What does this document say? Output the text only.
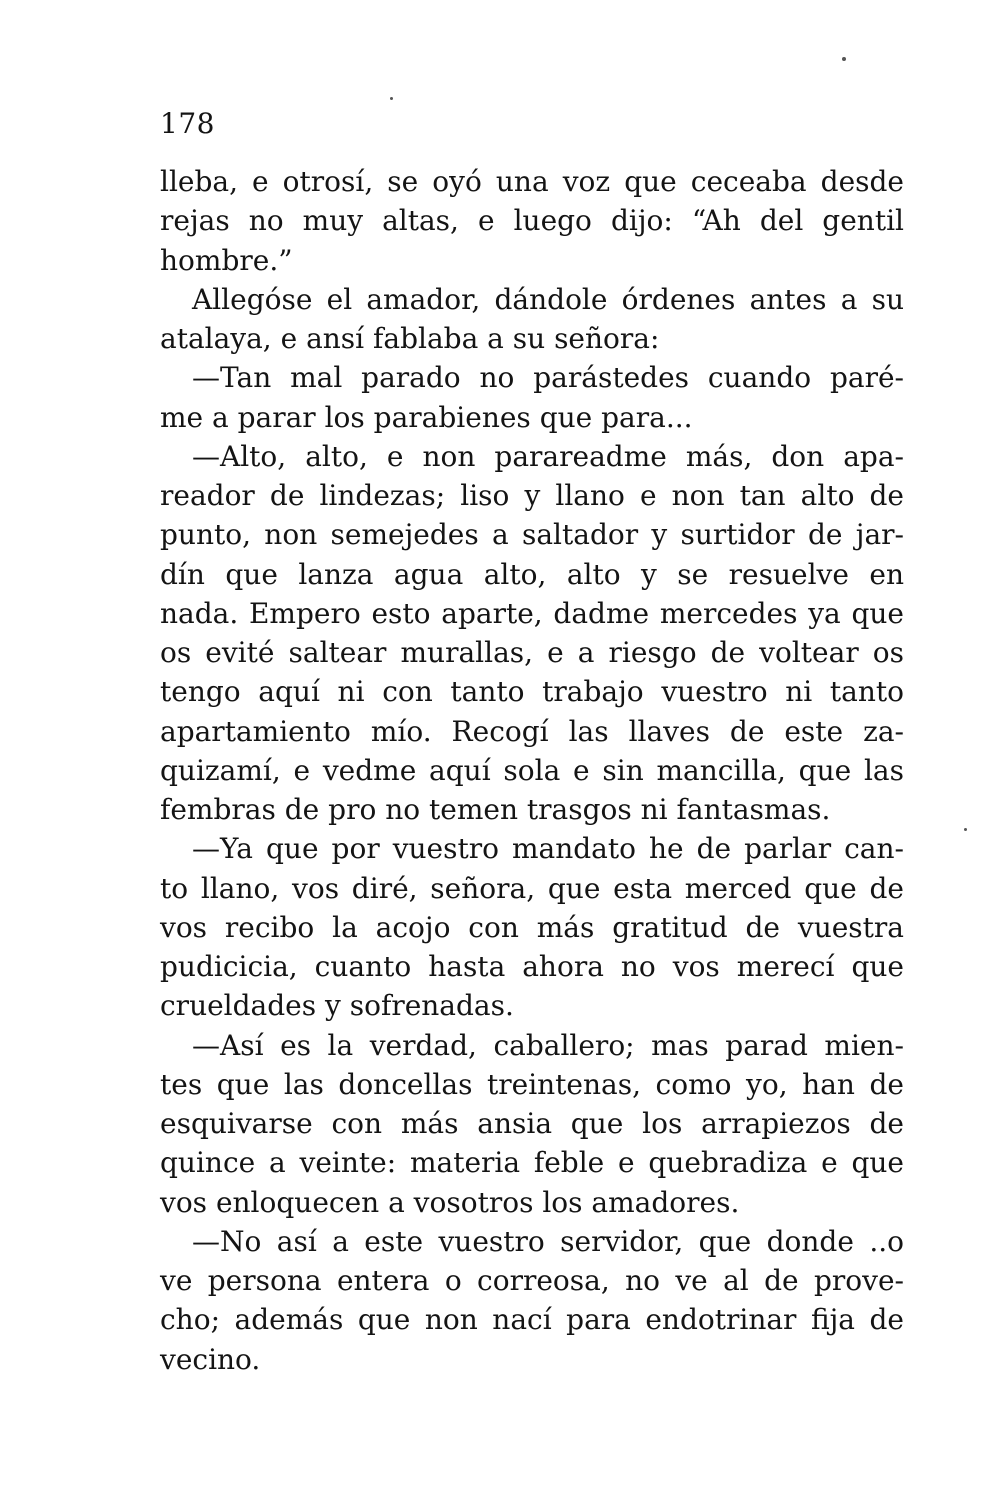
178
lleba, e otrosí, se oyó una voz que ceceaba desde
rejas no muy altas, e luego dijo: “Ah del gentil
hombre.”
Allegóse el amador, dándole órdenes antes a su
atalaya, e ansí fablaba a su señora:
—Tan mal parado no parástedes cuando paré-
me a parar los parabienes que para...
—Alto, alto, e non parareadme más, don apa-
reador de lindezas; liso y llano e non tan alto de
punto, non semejedes a saltador y surtidor de jar-
dín que lanza agua alto, alto y se resuelve en
nada. Empero esto aparte, dadme mercedes ya que
os evité saltear murallas, e a riesgo de voltear os
tengo aquí ni con tanto trabajo vuestro ni tanto
apartamiento mío. Recogí las llaves de este za-
quizamí, e vedme aquí sola e sin mancilla, que las
fembras de pro no temen trasgos ni fantasmas.
—Ya que por vuestro mandato he de parlar can-
to llano, vos diré, señora, que esta merced que de
vos recibo la acojo con más gratitud de vuestra
pudicicia, cuanto hasta ahora no vos merecí que
crueldades y sofrenadas.
—Así es la verdad, caballero; mas parad mien-
tes que las doncellas treintenas, como yo, han de
esquivarse con más ansia que los arrapiezos de
quince a veinte: materia feble e quebradiza e que
vos enloquecen a vosotros los amadores.
—No así a este vuestro servidor, que donde ..o
ve persona entera o correosa, no ve al de prove-
cho; además que non nací para endotrinar fija de
vecino.
